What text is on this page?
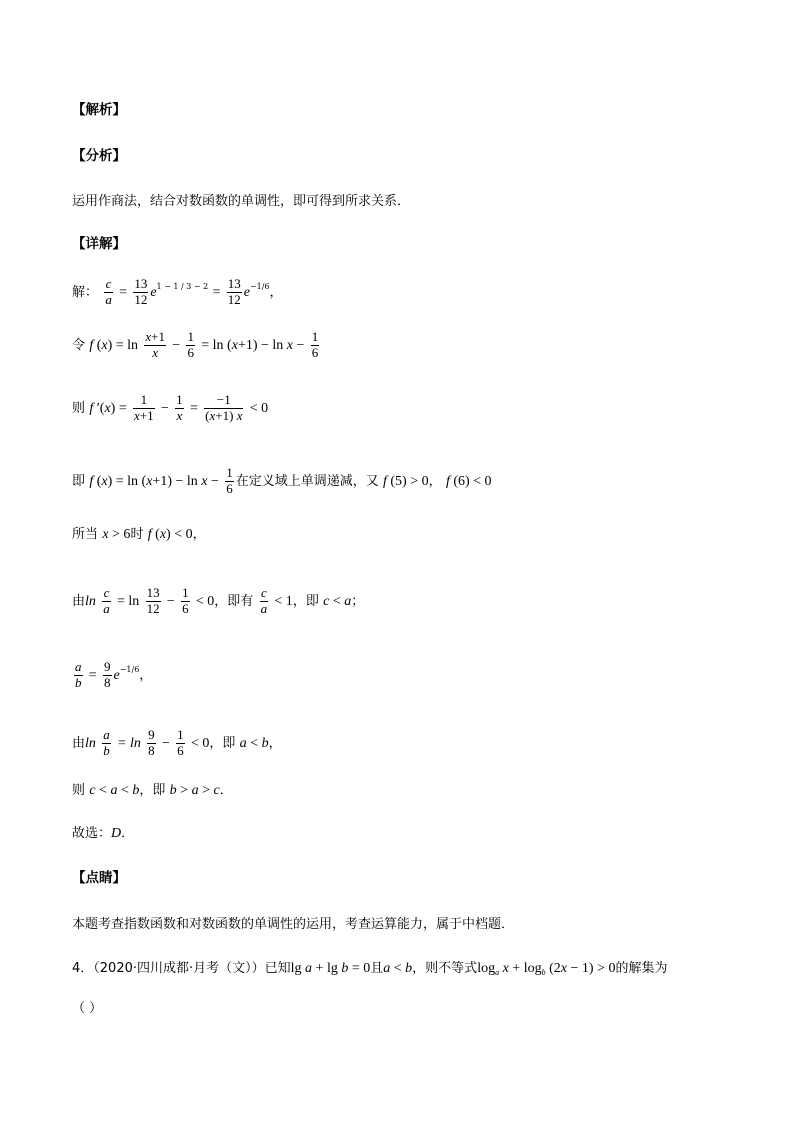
【解析】
【分析】
运用作商法，结合对数函数的单调性，即可得到所求关系．
【详解】
解： $\frac{c}{a} = \frac{13}{12} e^{1 - 1 / 3 - 2} = \frac{13}{12} e^{-1/6}$，
令 f $(x) = \ln \frac{x+1}{x} - \frac{1}{6} = \ln (x+1) - \ln x - \frac{1}{6}$
则 f $'(x) = \frac{1}{x+1} - \frac{1}{x} = \frac{-1}{(x+1) x} < 0$
即 f $(x) = \ln (x+1) - \ln x - \frac{1}{6}$ 在定义域上单调递减，又 f (5) > 0， f (6) < 0
所当 x > 6时 f (x) < 0，
由$\ln \frac{c}{a} = \ln \frac{13}{12} - \frac{1}{6} < 0$，即有 $\frac{c}{a} < 1$，即 c < a；
$\frac{a}{b} = \frac{9}{8} e^{-1/6}$，
由$\ln \frac{a}{b} = \ln \frac{9}{8} - \frac{1}{6} < 0$，即 a < b，
则 c < a < b，即 b > a > c．
故选：D．
【点睛】
本题考查指数函数和对数函数的单调性的运用，考查运算能力，属于中档题．
4．（2020·四川成都·月考（文））已知lg a + lg b = 0且a < b，则不等式$\log_a x + \log_b (2x - 1) > 0$的解集为
（ ）
